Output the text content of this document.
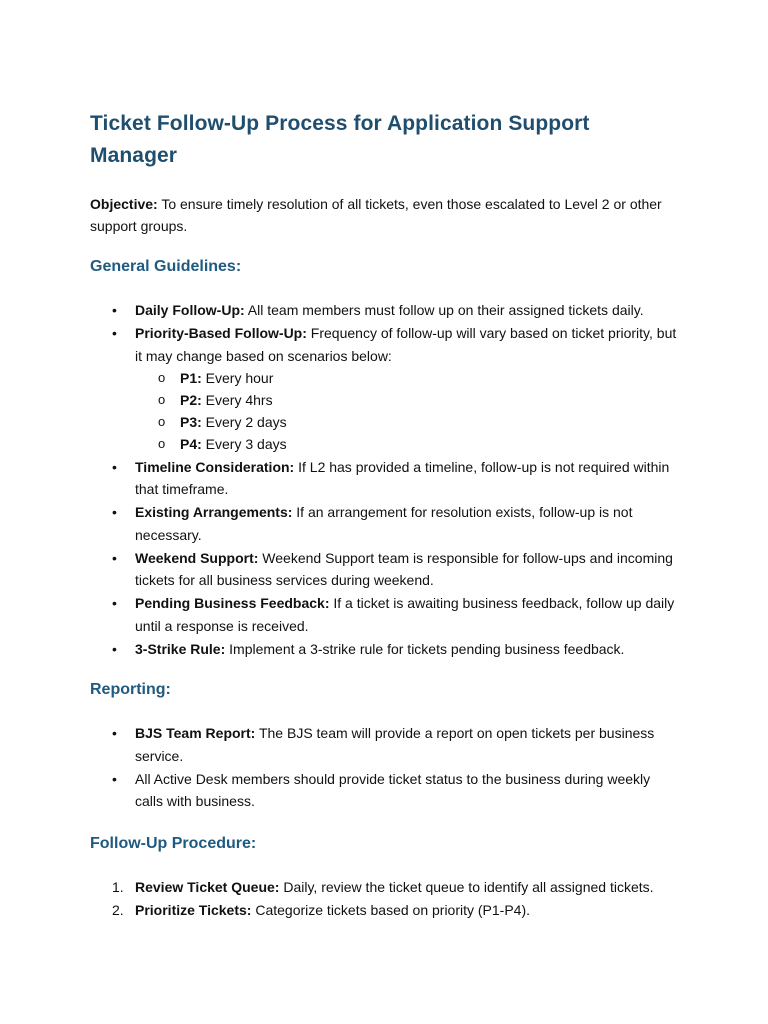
Ticket Follow-Up Process for Application Support Manager

Objective: To ensure timely resolution of all tickets, even those escalated to Level 2 or other support groups.

General Guidelines:
•	Daily Follow-Up: All team members must follow up on their assigned tickets daily.
•	Priority-Based Follow-Up: Frequency of follow-up will vary based on ticket priority, but it may change based on scenarios below:
o P1: Every hour
o P2: Every 4hrs
o P3: Every 2 days
o P4: Every 3 days
•	Timeline Consideration: If L2 has provided a timeline, follow-up is not required within that timeframe.
•	Existing Arrangements: If an arrangement for resolution exists, follow-up is not necessary.
•	Weekend Support: Weekend Support team is responsible for follow-ups and incoming tickets for all business services during weekend.
•	Pending Business Feedback: If a ticket is awaiting business feedback, follow up daily until a response is received.
•	3-Strike Rule: Implement a 3-strike rule for tickets pending business feedback.
Reporting:
•	BJS Team Report: The BJS team will provide a report on open tickets per business service.
•	All Active Desk members should provide ticket status to the business during weekly calls with business.
Follow-Up Procedure:
1. Review Ticket Queue: Daily, review the ticket queue to identify all assigned tickets.
2. Prioritize Tickets: Categorize tickets based on priority (P1-P4).
